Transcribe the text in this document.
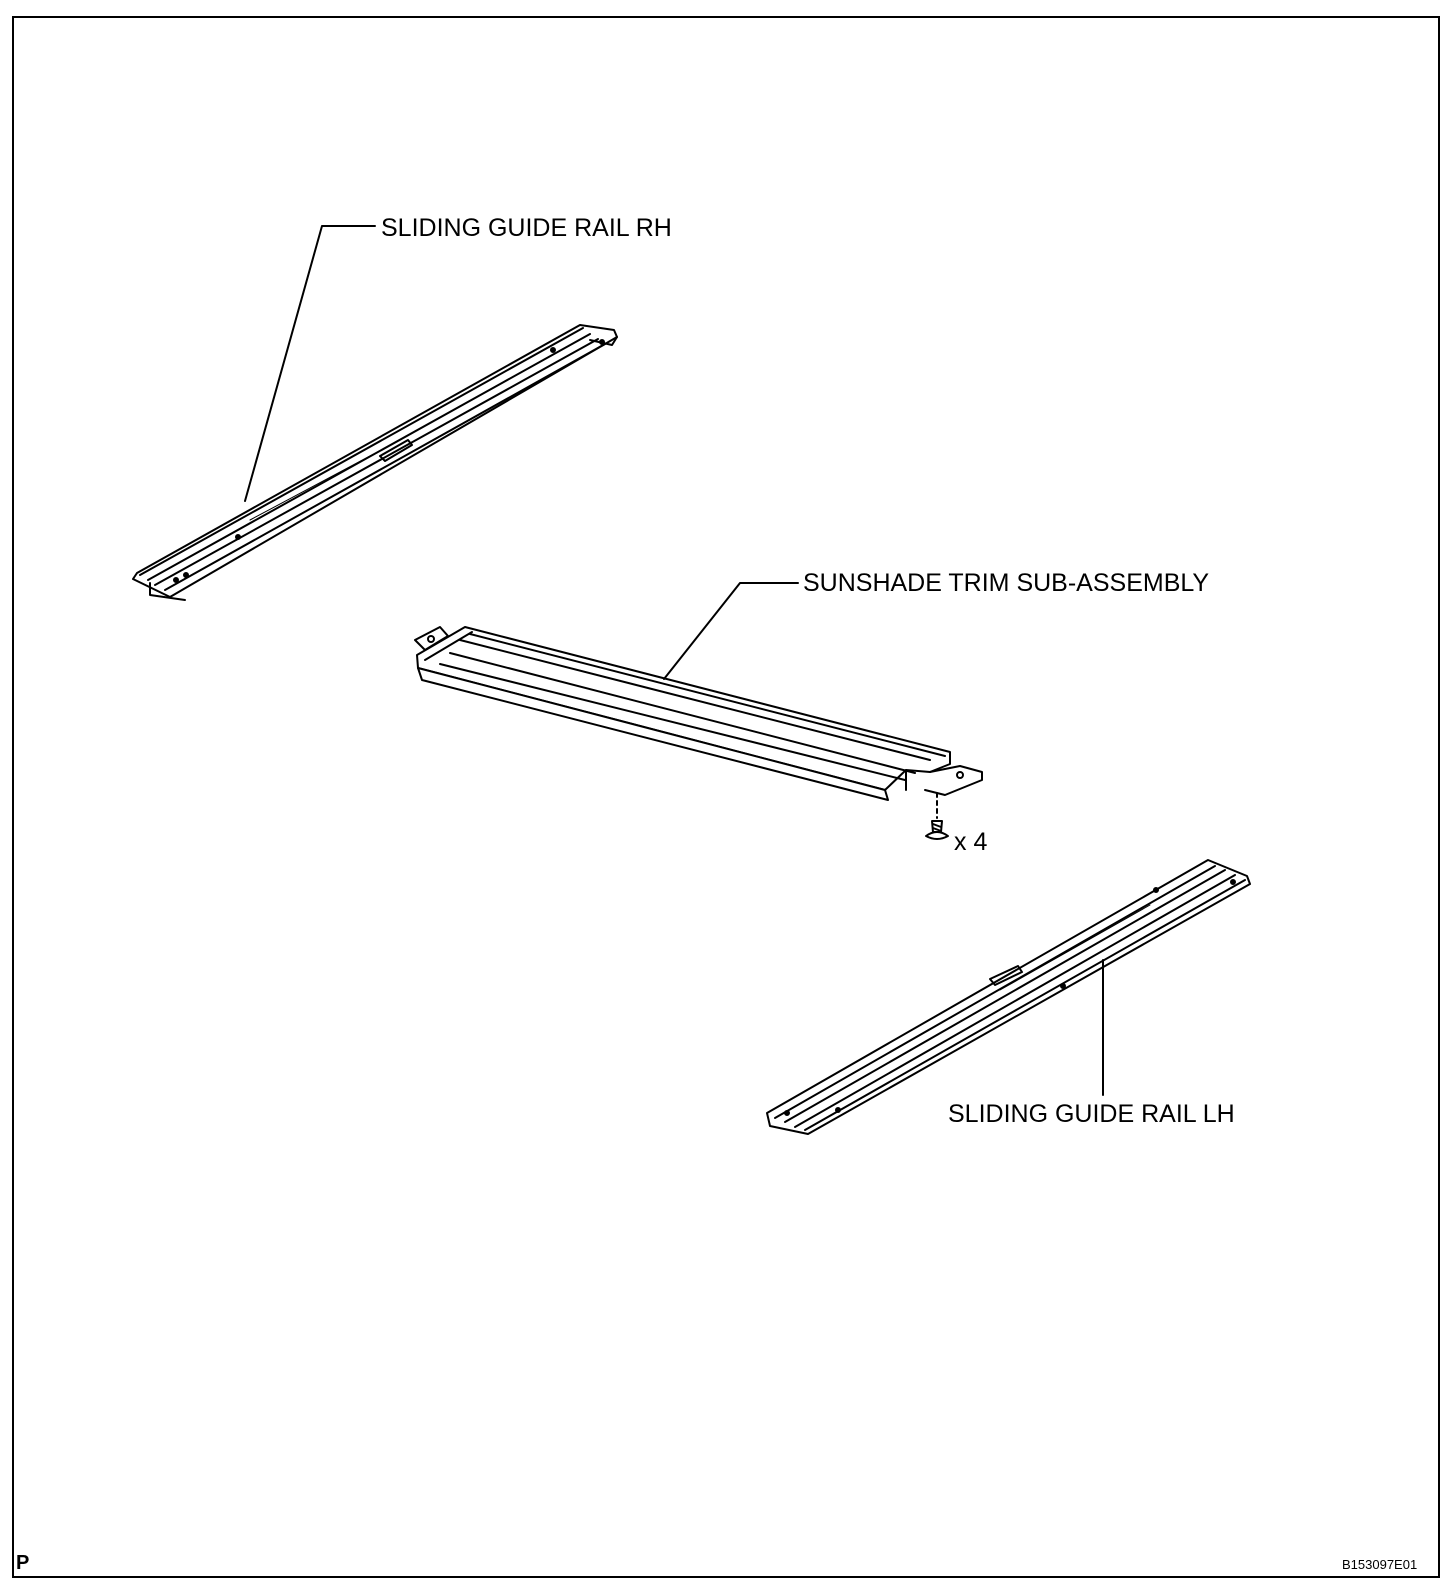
SLIDING GUIDE RAIL RH
SUNSHADE TRIM SUB-ASSEMBLY
SLIDING GUIDE RAIL LH
x 4
P	B153097E01
